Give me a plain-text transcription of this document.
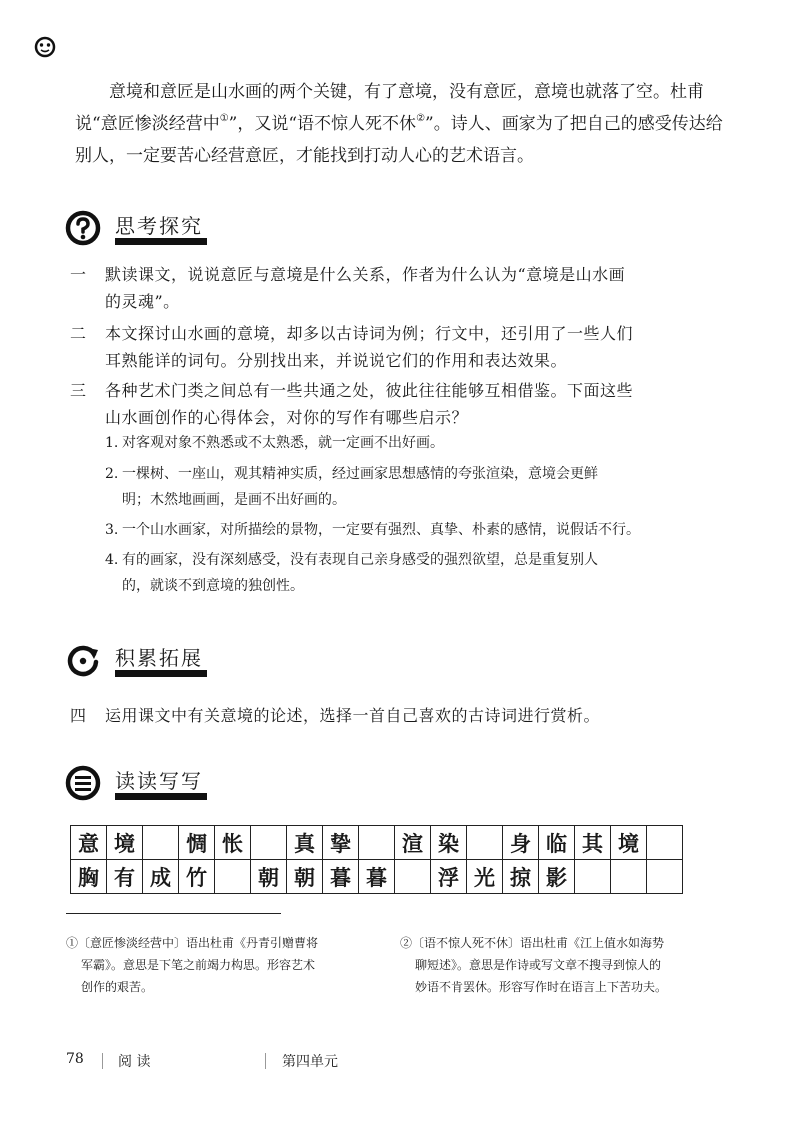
意境和意匠是山水画的两个关键，有了意境，没有意匠，意境也就落了空。杜甫说“意匠惨淡经营中①”，又说“语不惊人死不休②”。诗人、画家为了把自己的感受传达给别人，一定要苦心经营意匠，才能找到打动人心的艺术语言。
思考探究
一 默读课文，说说意匠与意境是什么关系，作者为什么认为“意境是山水画
的灵魂”。
二 本文探讨山水画的意境，却多以古诗词为例；行文中，还引用了一些人们
耳熟能详的词句。分别找出来，并说说它们的作用和表达效果。
三 各种艺术门类之间总有一些共通之处，彼此往往能够互相借鉴。下面这些
山水画创作的心得体会，对你的写作有哪些启示？
1. 对客观对象不熟悉或不太熟悉，就一定画不出好画。
2. 一棵树、一座山，观其精神实质，经过画家思想感情的夸张渲染，意境会更鲜
明；木然地画画，是画不出好画的。
3. 一个山水画家，对所描绘的景物，一定要有强烈、真挚、朴素的感情，说假话不行。
4. 有的画家，没有深刻感受，没有表现自己亲身感受的强烈欲望，总是重复别人
的，就谈不到意境的独创性。
积累拓展
四 运用课文中有关意境的论述，选择一首自己喜欢的古诗词进行赏析。
读读写写
意	境		惆	怅		真	挚		渲	染		身	临	其	境	
胸	有	成	竹		朝	朝	暮	暮		浮	光	掠	影			
①〔意匠惨淡经营中〕语出杜甫《丹青引赠曹将
军霸》。意思是下笔之前竭力构思。形容艺术
创作的艰苦。
②〔语不惊人死不休〕语出杜甫《江上值水如海势
聊短述》。意思是作诗或写文章不搜寻到惊人的
妙语不肯罢休。形容写作时在语言上下苦功夫。
78 阅 读	第四单元
